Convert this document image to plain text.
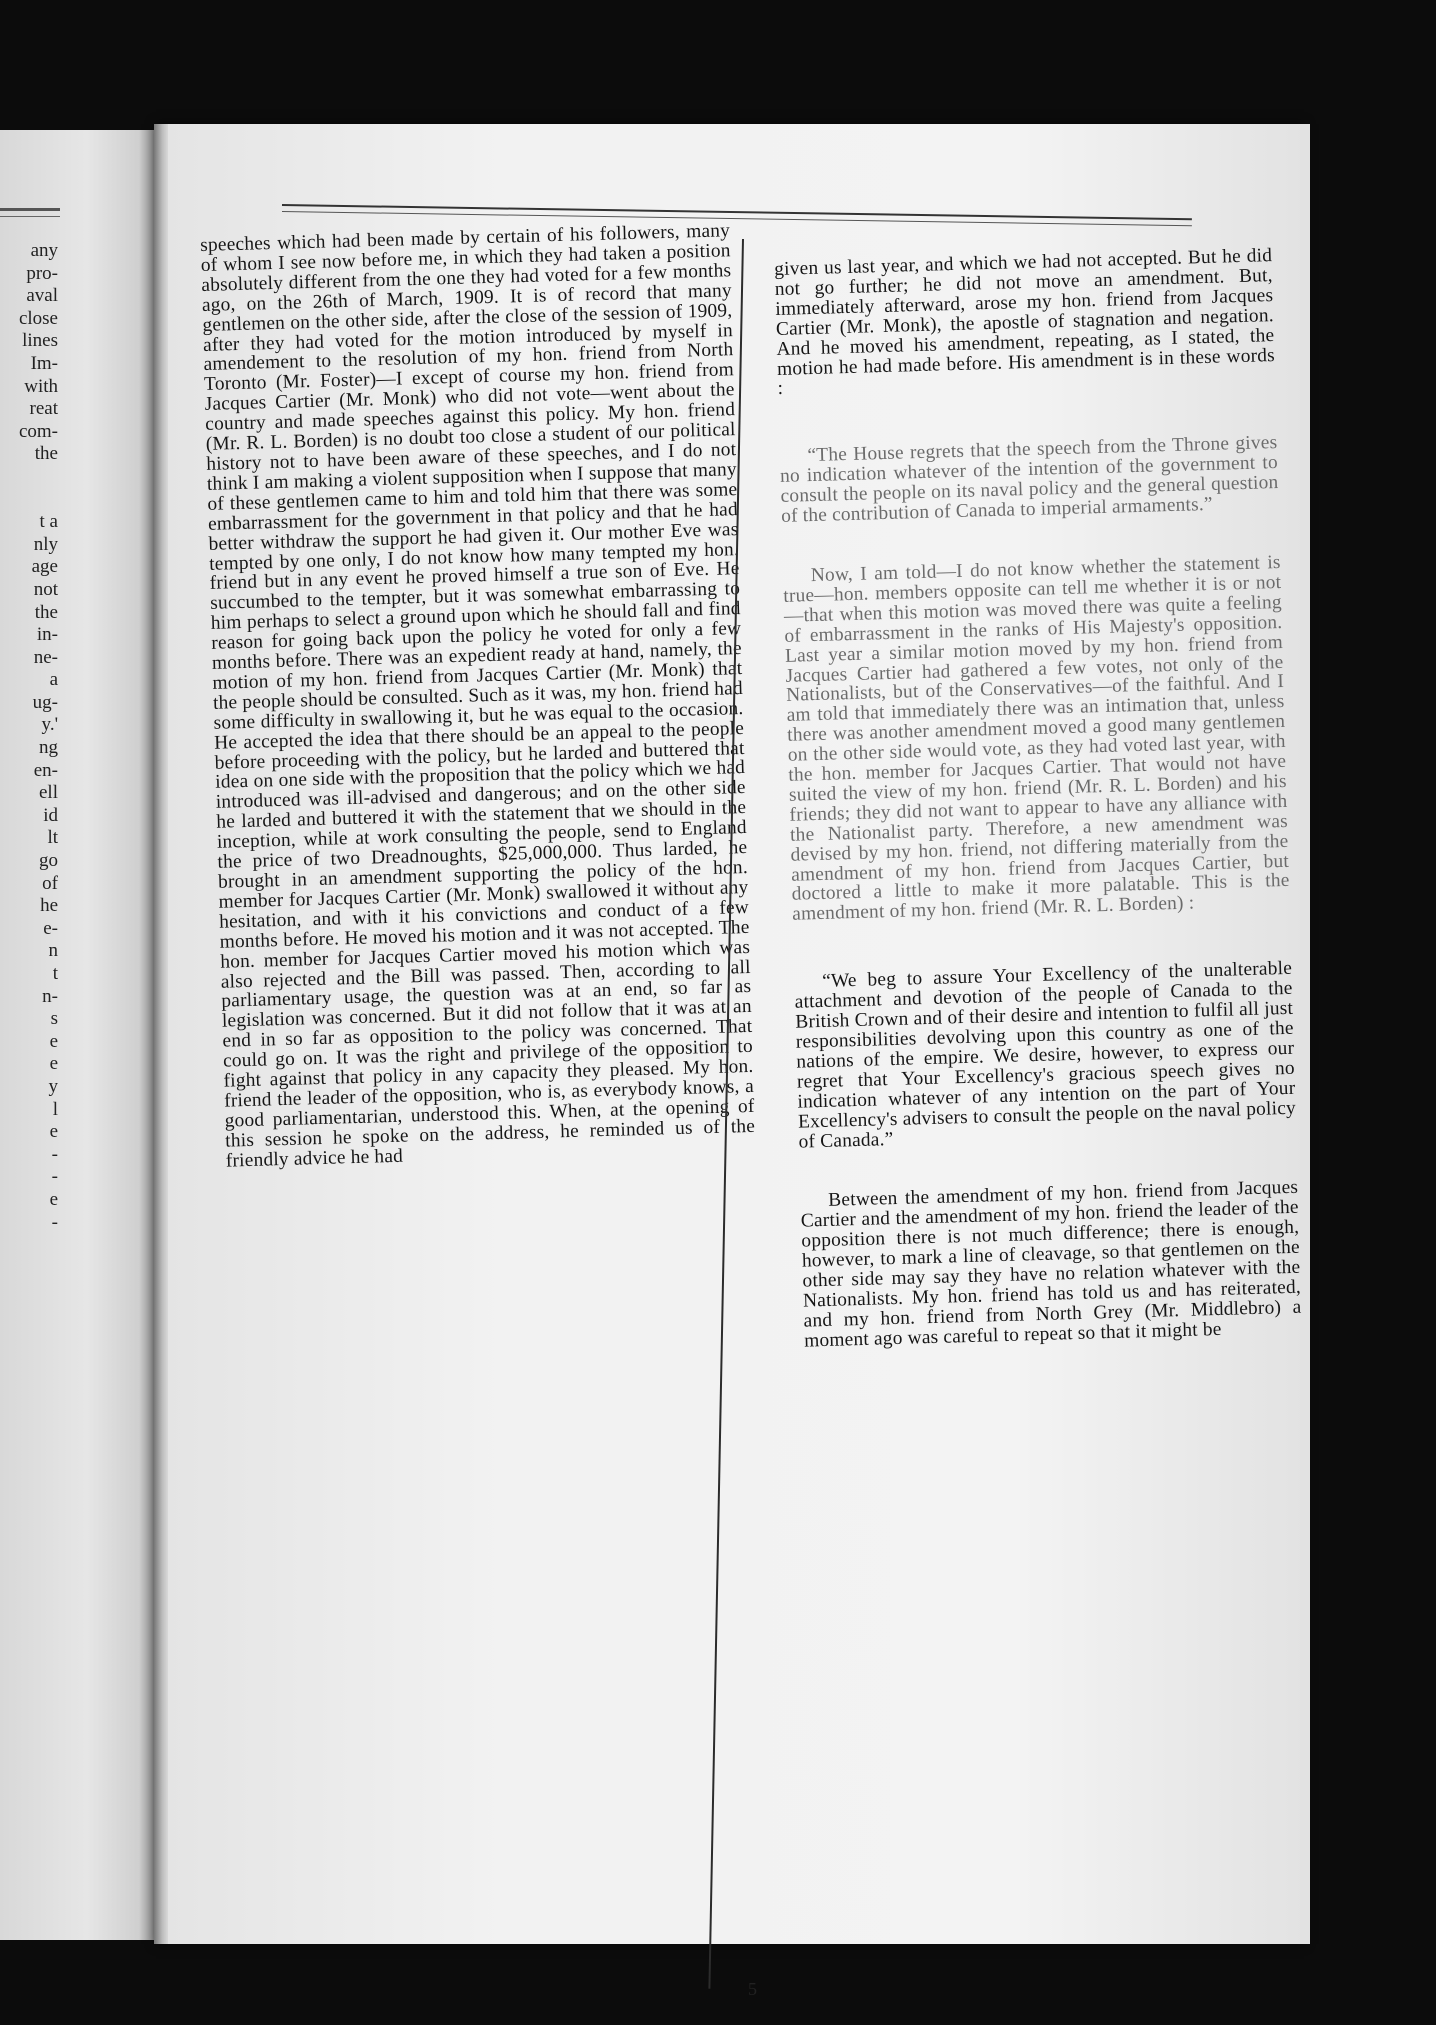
any
pro-
aval
close
lines
Im-
with
reat
com-
the

t a
nly
age
not
the
in-
ne-
a
ug-
y.'
ng
en-
ell
id
lt
go
of
he
e-
n
t
n-
s
e
e
y
l
e
-
-
e
-

speeches which had been made by certain of his followers, many of whom I see now before me, in which they had taken a position absolutely different from the one they had voted for a few months ago, on the 26th of March, 1909. It is of record that many gentlemen on the other side, after the close of the session of 1909, after they had voted for the motion introduced by myself in amendement to the resolution of my hon. friend from North Toronto (Mr. Foster)—I except of course my hon. friend from Jacques Cartier (Mr. Monk) who did not vote—went about the country and made speeches against this policy. My hon. friend (Mr. R. L. Borden) is no doubt too close a student of our political history not to have been aware of these speeches, and I do not think I am making a violent supposition when I suppose that many of these gentlemen came to him and told him that there was some embarrassment for the government in that policy and that he had better withdraw the support he had given it. Our mother Eve was tempted by one only, I do not know how many tempted my hon. friend but in any event he proved himself a true son of Eve. He succumbed to the tempter, but it was somewhat embarrassing to him perhaps to select a ground upon which he should fall and find reason for going back upon the policy he voted for only a few months before. There was an expedient ready at hand, namely, the motion of my hon. friend from Jacques Cartier (Mr. Monk) that the people should be consulted. Such as it was, my hon. friend had some difficulty in swallowing it, but he was equal to the occasion. He accepted the idea that there should be an appeal to the people before proceeding with the policy, but he larded and buttered that idea on one side with the proposition that the policy which we had introduced was ill-advised and dangerous; and on the other side he larded and buttered it with the statement that we should in the inception, while at work consulting the people, send to England the price of two Dreadnoughts, $25,000,000. Thus larded, he brought in an amendment supporting the policy of the hon. member for Jacques Cartier (Mr. Monk) swallowed it without any hesitation, and with it his convictions and conduct of a few months before. He moved his motion and it was not accepted. The hon. member for Jacques Cartier moved his motion which was also rejected and the Bill was passed. Then, according to all parliamentary usage, the question was at an end, so far as legislation was concerned. But it did not follow that it was at an end in so far as opposition to the policy was concerned. That could go on. It was the right and privilege of the opposition to fight against that policy in any capacity they pleased. My hon. friend the leader of the opposition, who is, as everybody knows, a good parliamentarian, understood this. When, at the opening of this session he spoke on the address, he reminded us of the friendly advice he had

given us last year, and which we had not accepted. But he did not go further; he did not move an amendment. But, immediately afterward, arose my hon. friend from Jacques Cartier (Mr. Monk), the apostle of stagnation and negation. And he moved his amendment, repeating, as I stated, the motion he had made before. His amendment is in these words :

“The House regrets that the speech from the Throne gives no indication whatever of the intention of the government to consult the people on its naval policy and the general question of the contribution of Canada to imperial armaments.”

Now, I am told—I do not know whether the statement is true—hon. members opposite can tell me whether it is or not—that when this motion was moved there was quite a feeling of embarrassment in the ranks of His Majesty's opposition. Last year a similar motion moved by my hon. friend from Jacques Cartier had gathered a few votes, not only of the Nationalists, but of the Conservatives—of the faithful. And I am told that immediately there was an intimation that, unless there was another amendment moved a good many gentlemen on the other side would vote, as they had voted last year, with the hon. member for Jacques Cartier. That would not have suited the view of my hon. friend (Mr. R. L. Borden) and his friends; they did not want to appear to have any alliance with the Nationalist party. Therefore, a new amendment was devised by my hon. friend, not differing materially from the amendment of my hon. friend from Jacques Cartier, but doctored a little to make it more palatable. This is the amendment of my hon. friend (Mr. R. L. Borden) :

“We beg to assure Your Excellency of the unalterable attachment and devotion of the people of Canada to the British Crown and of their desire and intention to fulfil all just responsibilities devolving upon this country as one of the nations of the empire. We desire, however, to express our regret that Your Excellency's gracious speech gives no indication whatever of any intention on the part of Your Excellency's advisers to consult the people on the naval policy of Canada.”

Between the amendment of my hon. friend from Jacques Cartier and the amendment of my hon. friend the leader of the opposition there is not much difference; there is enough, however, to mark a line of cleavage, so that gentlemen on the other side may say they have no relation whatever with the Nationalists. My hon. friend has told us and has reiterated, and my hon. friend from North Grey (Mr. Middlebro) a moment ago was careful to repeat so that it might be

5
